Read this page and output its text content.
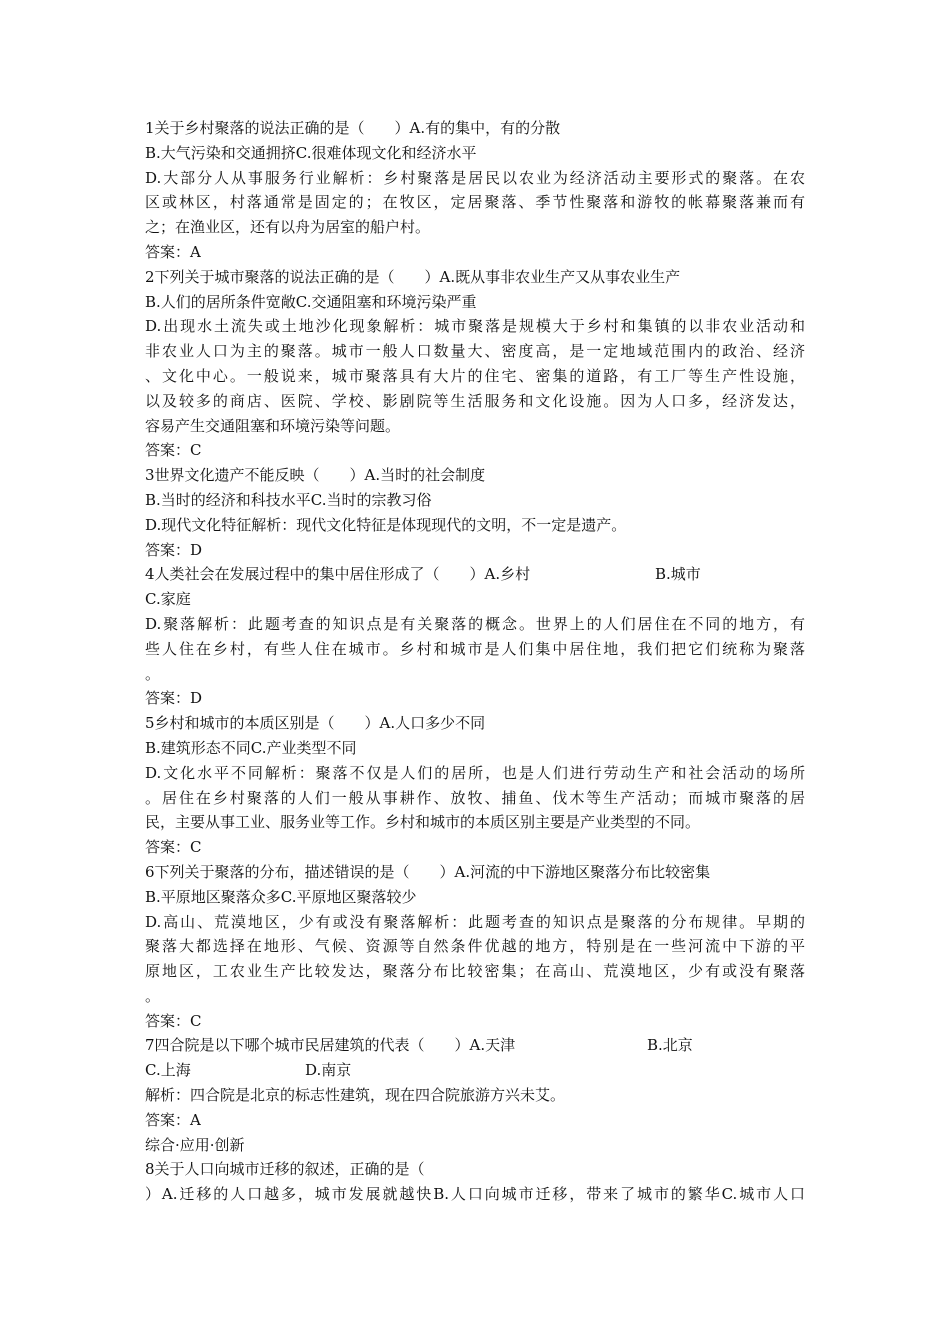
1关于乡村聚落的说法正确的是（　　）A.有的集中，有的分散
B.大气污染和交通拥挤C.很难体现文化和经济水平
D.大部分人从事服务行业解析：乡村聚落是居民以农业为经济活动主要形式的聚落。在农
区或林区，村落通常是固定的；在牧区，定居聚落、季节性聚落和游牧的帐幕聚落兼而有
之；在渔业区，还有以舟为居室的船户村。
答案：A
2下列关于城市聚落的说法正确的是（　　）A.既从事非农业生产又从事农业生产
B.人们的居所条件宽敞C.交通阻塞和环境污染严重
D.出现水土流失或土地沙化现象解析：城市聚落是规模大于乡村和集镇的以非农业活动和
非农业人口为主的聚落。城市一般人口数量大、密度高，是一定地域范围内的政治、经济
、文化中心。一般说来，城市聚落具有大片的住宅、密集的道路，有工厂等生产性设施，
以及较多的商店、医院、学校、影剧院等生活服务和文化设施。因为人口多，经济发达，
容易产生交通阻塞和环境污染等问题。
答案：C
3世界文化遗产不能反映（　　）A.当时的社会制度
B.当时的经济和科技水平C.当时的宗教习俗
D.现代文化特征解析：现代文化特征是体现现代的文明，不一定是遗产。
答案：D
4人类社会在发展过程中的集中居住形成了（　　）A.乡村	B.城市
C.家庭
D.聚落解析：此题考查的知识点是有关聚落的概念。世界上的人们居住在不同的地方，有
些人住在乡村，有些人住在城市。乡村和城市是人们集中居住地，我们把它们统称为聚落
。
答案：D
5乡村和城市的本质区别是（　　）A.人口多少不同
B.建筑形态不同C.产业类型不同
D.文化水平不同解析：聚落不仅是人们的居所，也是人们进行劳动生产和社会活动的场所
。居住在乡村聚落的人们一般从事耕作、放牧、捕鱼、伐木等生产活动；而城市聚落的居
民，主要从事工业、服务业等工作。乡村和城市的本质区别主要是产业类型的不同。
答案：C
6下列关于聚落的分布，描述错误的是（　　）A.河流的中下游地区聚落分布比较密集
B.平原地区聚落众多C.平原地区聚落较少
D.高山、荒漠地区，少有或没有聚落解析：此题考查的知识点是聚落的分布规律。早期的
聚落大都选择在地形、气候、资源等自然条件优越的地方，特别是在一些河流中下游的平
原地区，工农业生产比较发达，聚落分布比较密集；在高山、荒漠地区，少有或没有聚落
。
答案：C
7四合院是以下哪个城市民居建筑的代表（　　）A.天津	B.北京
C.上海	D.南京
解析：四合院是北京的标志性建筑，现在四合院旅游方兴未艾。
答案：A
综合·应用·创新
8关于人口向城市迁移的叙述，正确的是（
）A.迁移的人口越多，城市发展就越快B.人口向城市迁移，带来了城市的繁华C.城市人口
